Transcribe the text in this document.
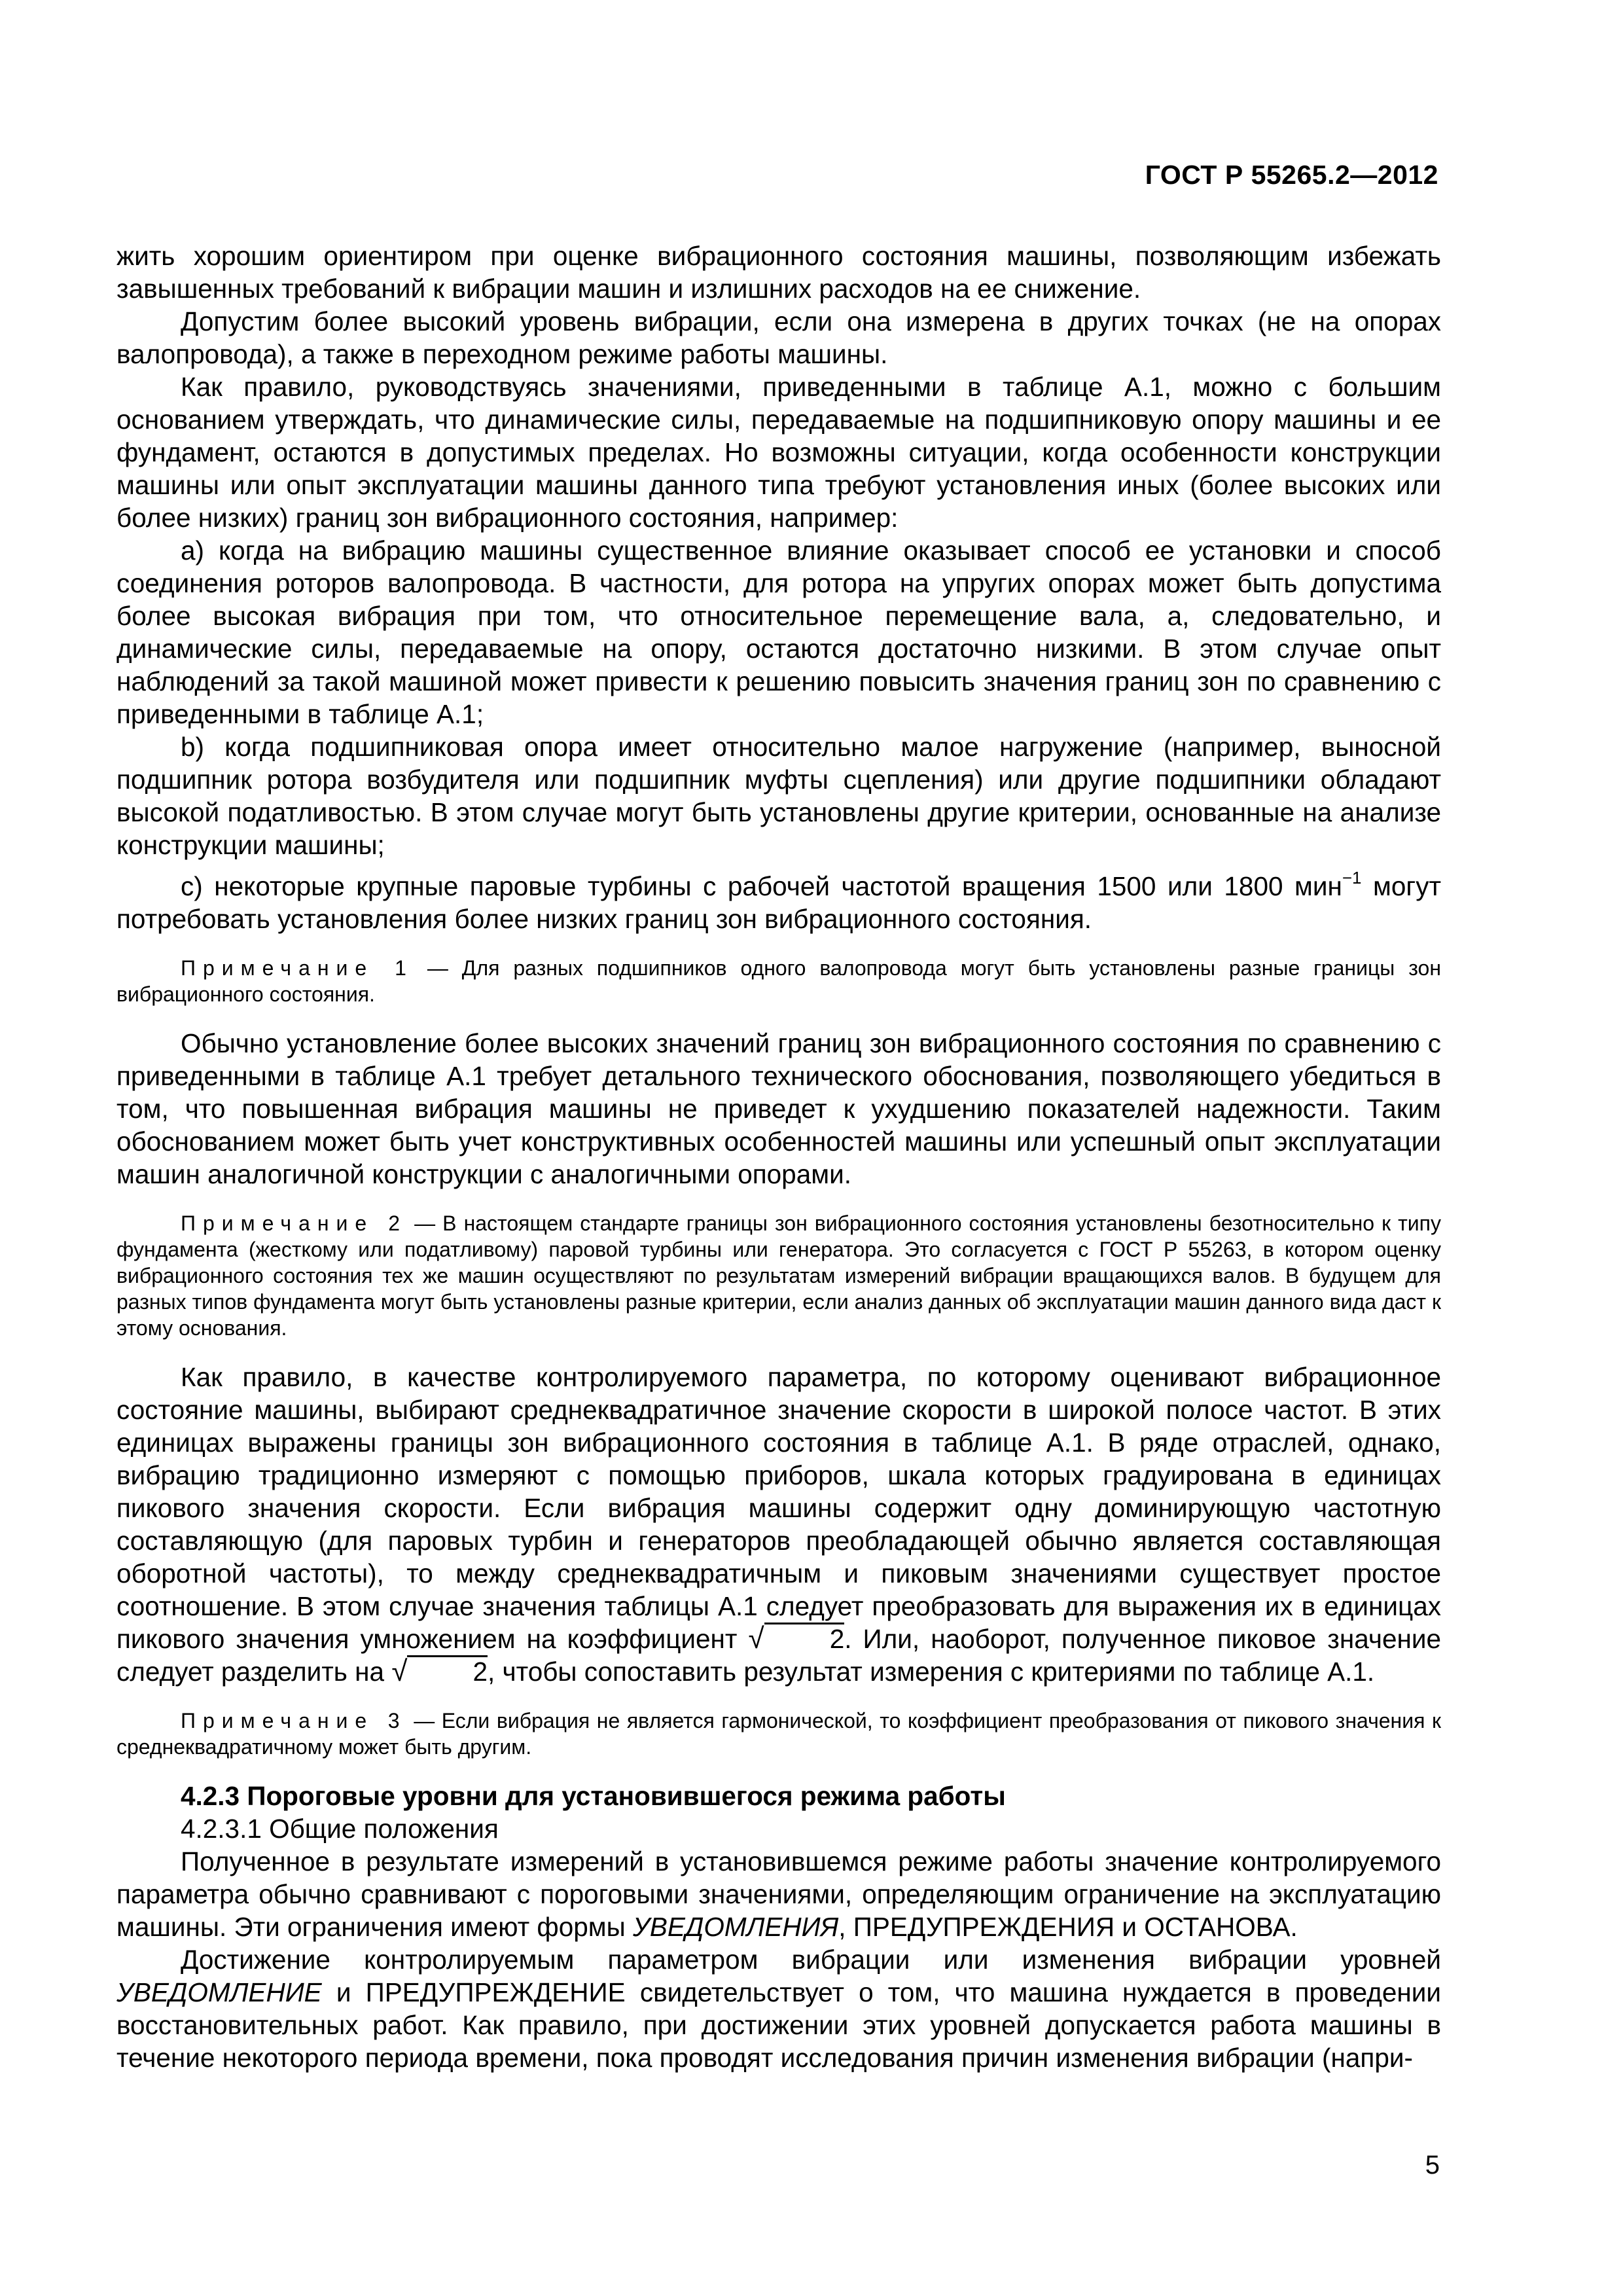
ГОСТ Р 55265.2—2012

жить хорошим ориентиром при оценке вибрационного состояния машины, позволяющим избежать завышенных требований к вибрации машин и излишних расходов на ее снижение.

Допустим более высокий уровень вибрации, если она измерена в других точках (не на опорах валопровода), а также в переходном режиме работы машины.

Как правило, руководствуясь значениями, приведенными в таблице А.1, можно с большим основанием утверждать, что динамические силы, передаваемые на подшипниковую опору машины и ее фундамент, остаются в допустимых пределах. Но возможны ситуации, когда особенности конструкции машины или опыт эксплуатации машины данного типа требуют установления иных (более высоких или более низких) границ зон вибрационного состояния, например:

а) когда на вибрацию машины существенное влияние оказывает способ ее установки и способ соединения роторов валопровода. В частности, для ротора на упругих опорах может быть допустима более высокая вибрация при том, что относительное перемещение вала, а, следовательно, и динамические силы, передаваемые на опору, остаются достаточно низкими. В этом случае опыт наблюдений за такой машиной может привести к решению повысить значения границ зон по сравнению с приведенными в таблице А.1;

b) когда подшипниковая опора имеет относительно малое нагружение (например, выносной подшипник ротора возбудителя или подшипник муфты сцепления) или другие подшипники обладают высокой податливостью. В этом случае могут быть установлены другие критерии, основанные на анализе конструкции машины;

с) некоторые крупные паровые турбины с рабочей частотой вращения 1500 или 1800 мин$^{-1}$ могут потребовать установления более низких границ зон вибрационного состояния.

Примечание 1 — Для разных подшипников одного валопровода могут быть установлены разные границы зон вибрационного состояния.

Обычно установление более высоких значений границ зон вибрационного состояния по сравнению с приведенными в таблице А.1 требует детального технического обоснования, позволяющего убедиться в том, что повышенная вибрация машины не приведет к ухудшению показателей надежности. Таким обоснованием может быть учет конструктивных особенностей машины или успешный опыт эксплуатации машин аналогичной конструкции с аналогичными опорами.

Примечание 2 — В настоящем стандарте границы зон вибрационного состояния установлены безотносительно к типу фундамента (жесткому или податливому) паровой турбины или генератора. Это согласуется с ГОСТ Р 55263, в котором оценку вибрационного состояния тех же машин осуществляют по результатам измерений вибрации вращающихся валов. В будущем для разных типов фундамента могут быть установлены разные критерии, если анализ данных об эксплуатации машин данного вида даст к этому основания.

Как правило, в качестве контролируемого параметра, по которому оценивают вибрационное состояние машины, выбирают среднеквадратичное значение скорости в широкой полосе частот. В этих единицах выражены границы зон вибрационного состояния в таблице А.1. В ряде отраслей, однако, вибрацию традиционно измеряют с помощью приборов, шкала которых градуирована в единицах пикового значения скорости. Если вибрация машины содержит одну доминирующую частотную составляющую (для паровых турбин и генераторов преобладающей обычно является составляющая оборотной частоты), то между среднеквадратичным и пиковым значениями существует простое соотношение. В этом случае значения таблицы А.1 следует преобразовать для выражения их в единицах пикового значения умножением на коэффициент √ 2. Или, наоборот, полученное пиковое значение следует разделить на √ 2, чтобы сопоставить результат измерения с критериями по таблице А.1.

Примечание 3 — Если вибрация не является гармонической, то коэффициент преобразования от пикового значения к среднеквадратичному может быть другим.

4.2.3 Пороговые уровни для установившегося режима работы

4.2.3.1 Общие положения

Полученное в результате измерений в установившемся режиме работы значение контролируемого параметра обычно сравнивают с пороговыми значениями, определяющим ограничение на эксплуатацию машины. Эти ограничения имеют формы УВЕДОМЛЕНИЯ, ПРЕДУПРЕЖДЕНИЯ и ОСТАНОВА.

Достижение контролируемым параметром вибрации или изменения вибрации уровней УВЕДОМЛЕНИЕ и ПРЕДУПРЕЖДЕНИЕ свидетельствует о том, что машина нуждается в проведении восстановительных работ. Как правило, при достижении этих уровней допускается работа машины в течение некоторого периода времени, пока проводят исследования причин изменения вибрации (напри-

5
